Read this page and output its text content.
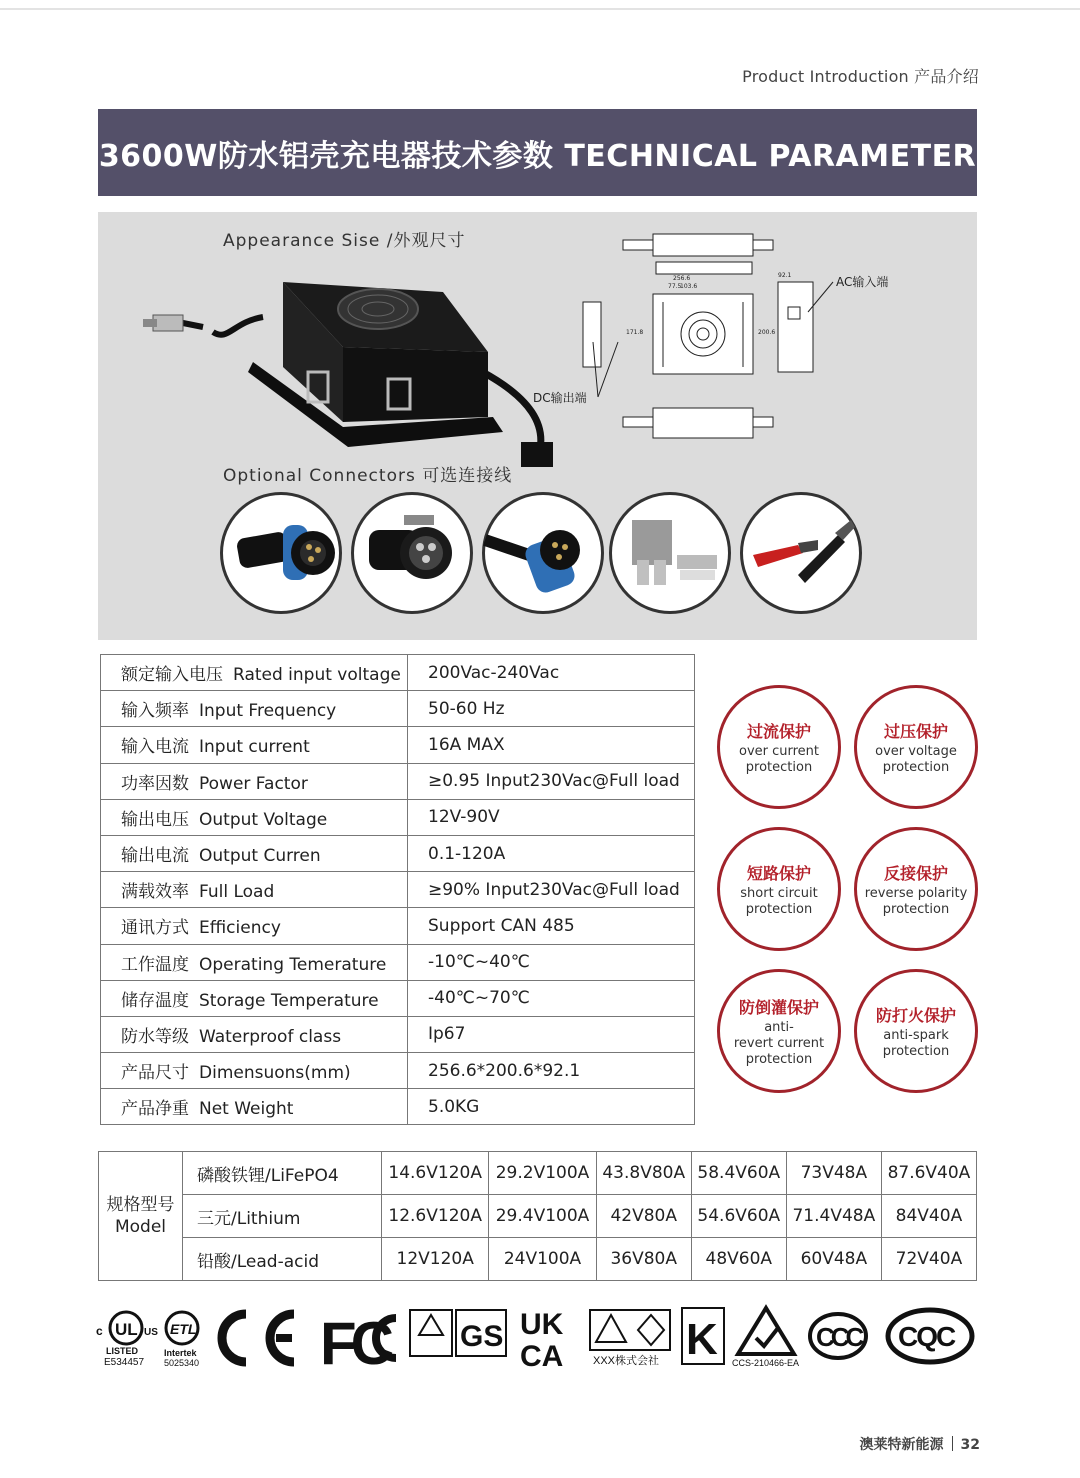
Product Introduction 产品介绍
3600W防水铝壳充电器技术参数 TECHNICAL PARAMETER
Appearance Sise /外观尺寸
256.6
103.6
77.5
171.8	200.6
92.1	AC输入端
DC输出端
Optional Connectors 可选连接线
额定输入电压 Rated input voltage	200Vac-240Vac
输入频率 Input Frequency	50-60 Hz
输入电流 Input current	16A MAX
功率因数 Power Factor	≥0.95 Input230Vac@Full load
输出电压 Output Voltage	12V-90V
输出电流 Output Curren	0.1-120A
满载效率 Full Load	≥90% Input230Vac@Full load
通讯方式 Efficiency	Support CAN 485
工作温度 Operating Temerature	-10℃~40℃
储存温度 Storage Temperature	-40℃~70℃
防水等级 Waterproof class	Ip67
产品尺寸 Dimensuons(mm)	256.6*200.6*92.1
产品净重 Net Weight	5.0KG
过流保护
over current
protection
过压保护
over voltage
protection
短路保护
short circuit
protection
反接保护
reverse polarity
protection
防倒灌保护
anti-
revert current
protection
防打火保护
anti-spark
protection
规格型号
Model	磷酸铁锂/LiFePO4	14.6V120A	29.2V100A	43.8V80A	58.4V60A	73V48A	87.6V40A
	三元/Lithium	12.6V120A	29.4V100A	42V80A	54.6V60A	71.4V48A	84V40A
	铅酸/Lead-acid	12V120A	24V100A	36V80A	48V60A	60V48A	72V40A
UL
c	US
LISTED
E534457
ETL
Intertek
5025340 FC GS UK
CA	XXX株式会社 K CCS-210466-EA
CCC CQC
澳莱特新能源 32
